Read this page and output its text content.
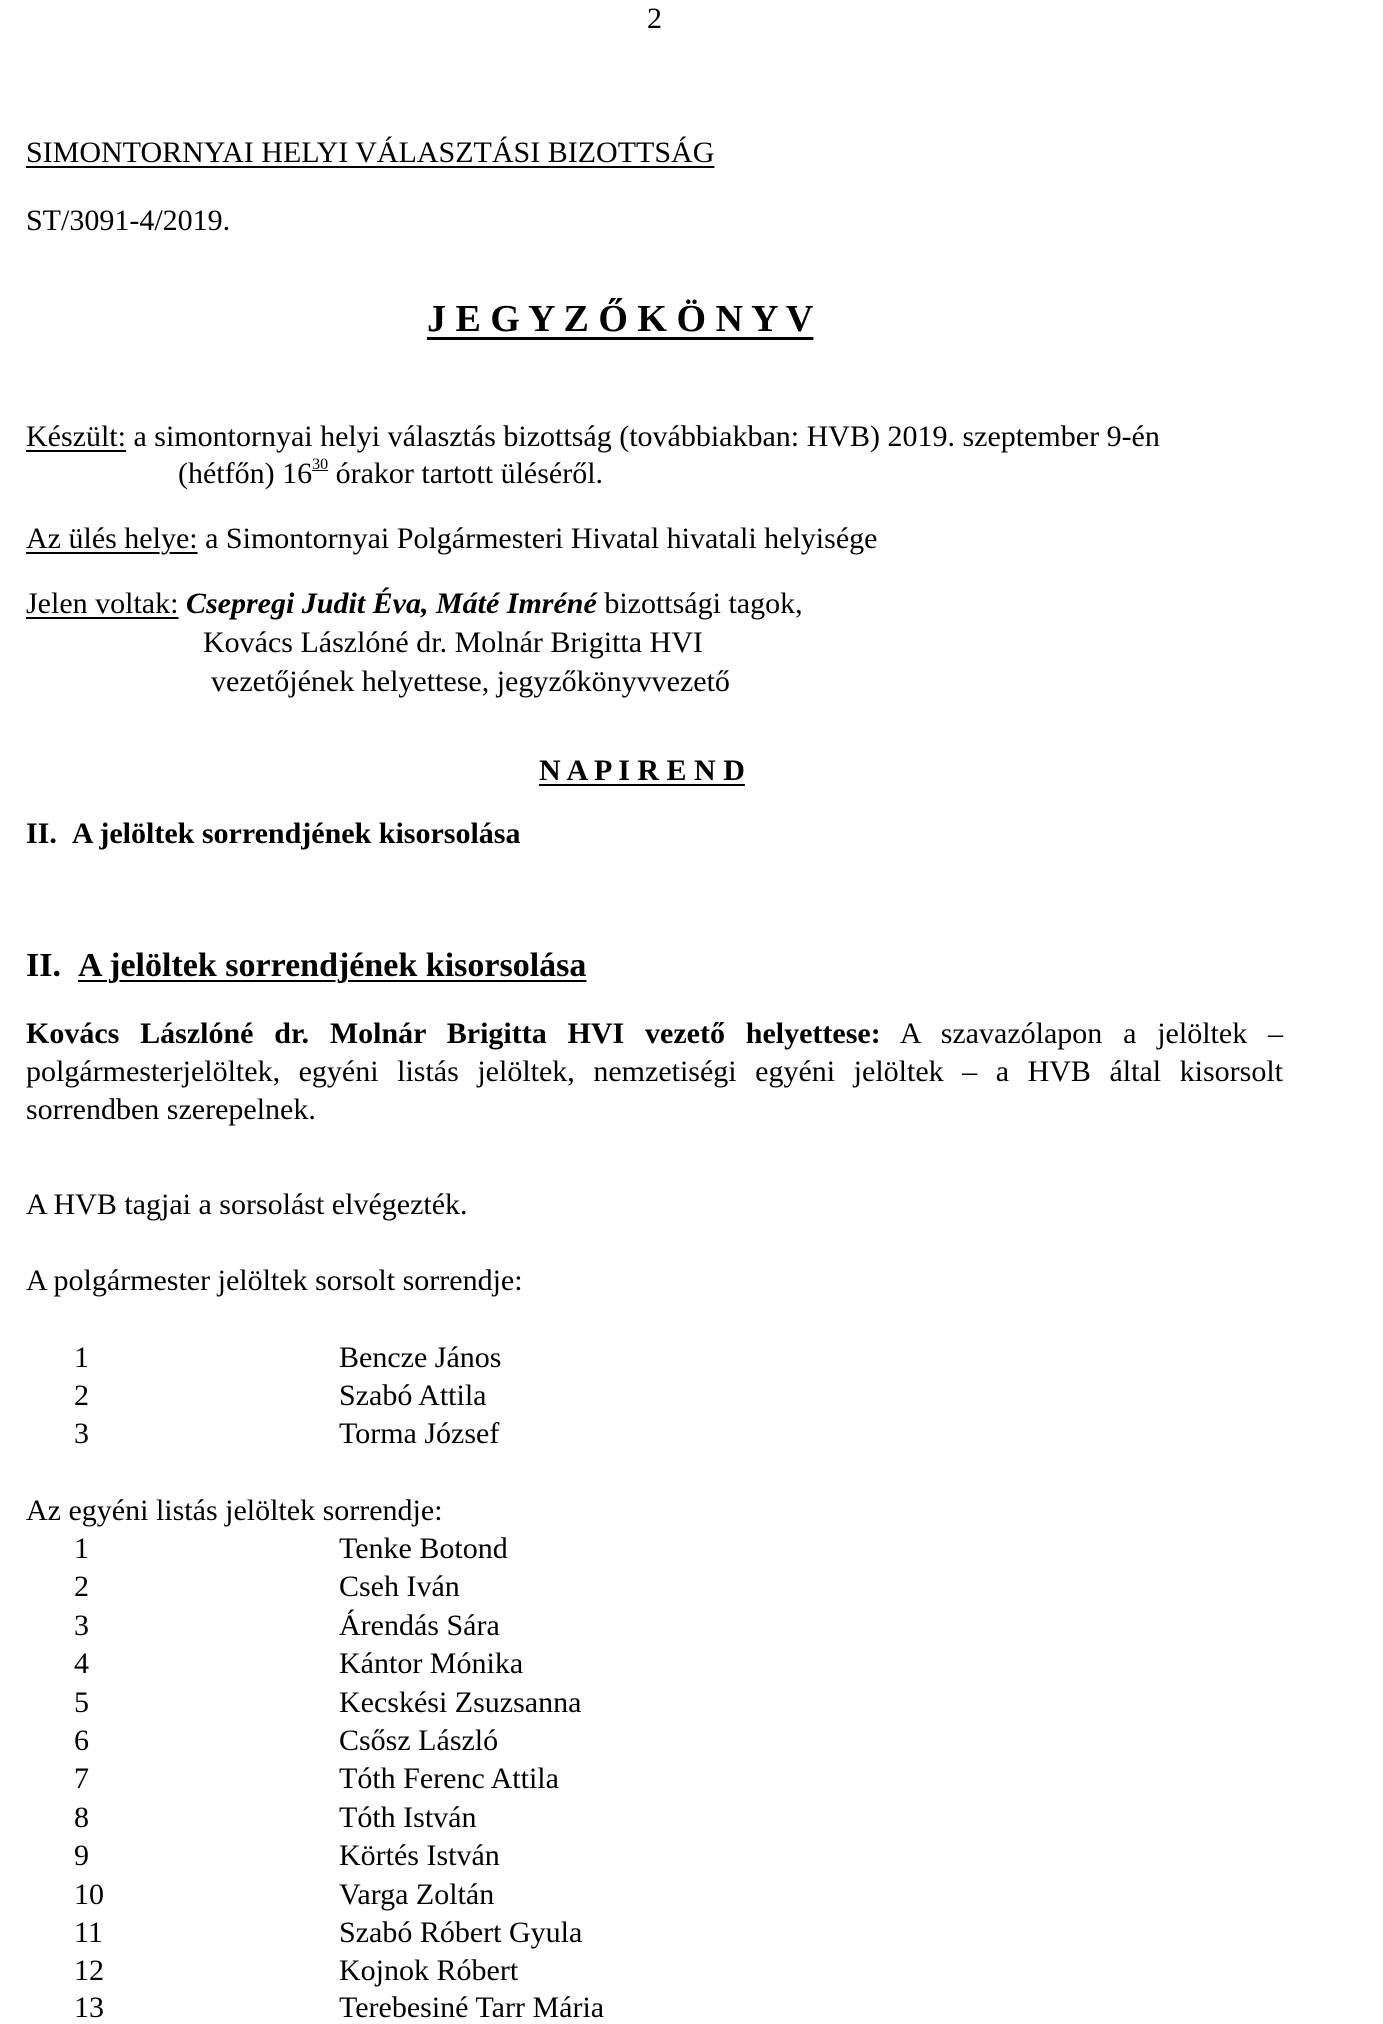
2
SIMONTORNYAI HELYI VÁLASZTÁSI BIZOTTSÁG
ST/3091-4/2019.
J E G Y Z Ő K Ö N Y V
Készült: a simontornyai helyi választás bizottság (továbbiakban: HVB) 2019. szeptember 9-én
(hétfőn) $16^{30}$ órakor tartott üléséről.
Az ülés helye: a Simontornyai Polgármesteri Hivatal hivatali helyisége
Jelen voltak: Csepregi Judit Éva, Máté Imréné bizottsági tagok,
Kovács Lászlóné dr. Molnár Brigitta HVI
vezetőjének helyettese, jegyzőkönyvvezető
N A P I R E N D
II. A jelöltek sorrendjének kisorsolása
II. A jelöltek sorrendjének kisorsolása
Kovács Lászlóné dr. Molnár Brigitta HVI vezető helyettese: A szavazólapon a jelöltek – polgármesterjelöltek, egyéni listás jelöltek, nemzetiségi egyéni jelöltek – a HVB által kisorsolt sorrendben szerepelnek.
A HVB tagjai a sorsolást elvégezték.
A polgármester jelöltek sorsolt sorrendje:
1	Bencze János
2	Szabó Attila
3	Torma József
Az egyéni listás jelöltek sorrendje:
1	Tenke Botond
2	Cseh Iván
3	Árendás Sára
4	Kántor Mónika
5	Kecskési Zsuzsanna
6	Csősz László
7	Tóth Ferenc Attila
8	Tóth István
9	Körtés István
10	Varga Zoltán
11	Szabó Róbert Gyula
12	Kojnok Róbert
13	Terebesiné Tarr Mária
